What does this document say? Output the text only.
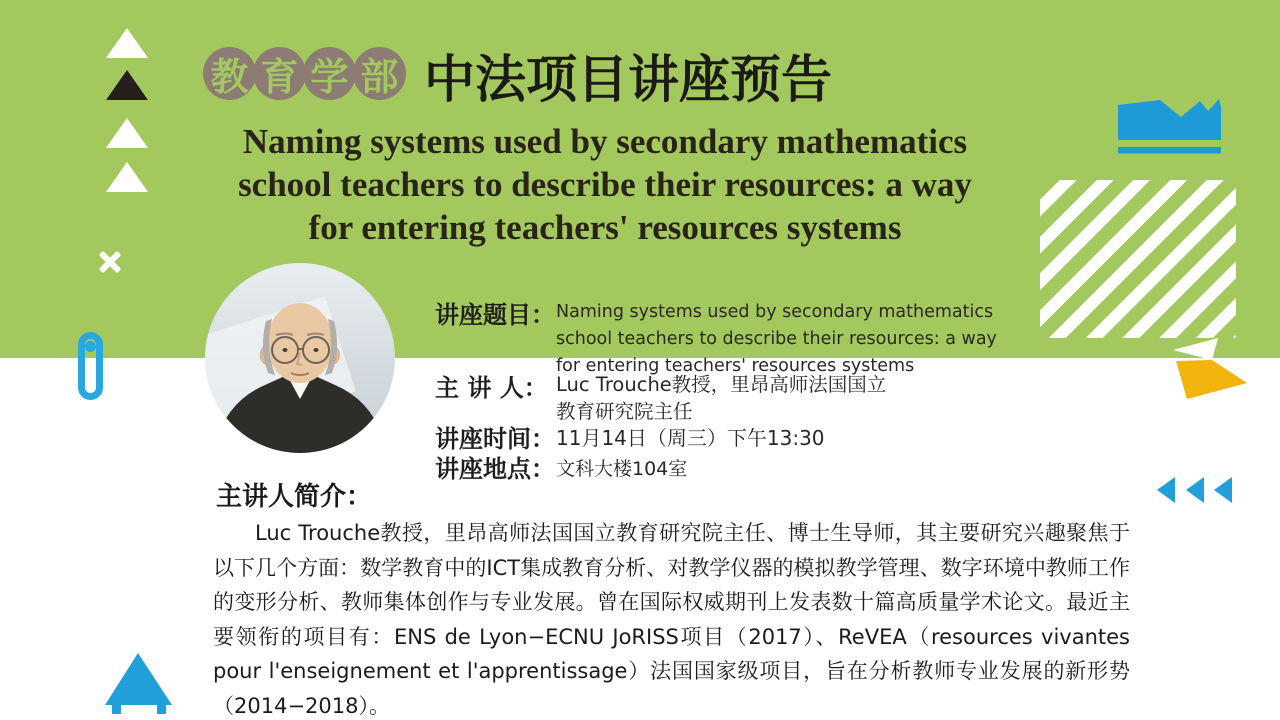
教 育 学 部 中法项目讲座预告
Naming systems used by secondary mathematics
school teachers to describe their resources: a way
for entering teachers' resources systems
讲座题目： Naming systems used by secondary mathematics
school teachers to describe their resources: a way
for entering teachers' resources systems
主 讲 人： Luc Trouche教授，里昂高师法国国立
教育研究院主任
讲座时间： 11月14日（周三）下午13:30
讲座地点： 文科大楼104室
主讲人简介：
Luc Trouche教授，里昂高师法国国立教育研究院主任、博士生导师，其主要研究兴趣聚焦于以下几个方面：数学教育中的ICT集成教育分析、对教学仪器的模拟教学管理、数字环境中教师工作的变形分析、教师集体创作与专业发展。曾在国际权威期刊上发表数十篇高质量学术论文。最近主要领衔的项目有：ENS de Lyon−ECNU JoRISS项目（2017）、ReVEA（resources vivantes pour l'enseignement et l'apprentissage）法国国家级项目，旨在分析教师专业发展的新形势（2014−2018）。
